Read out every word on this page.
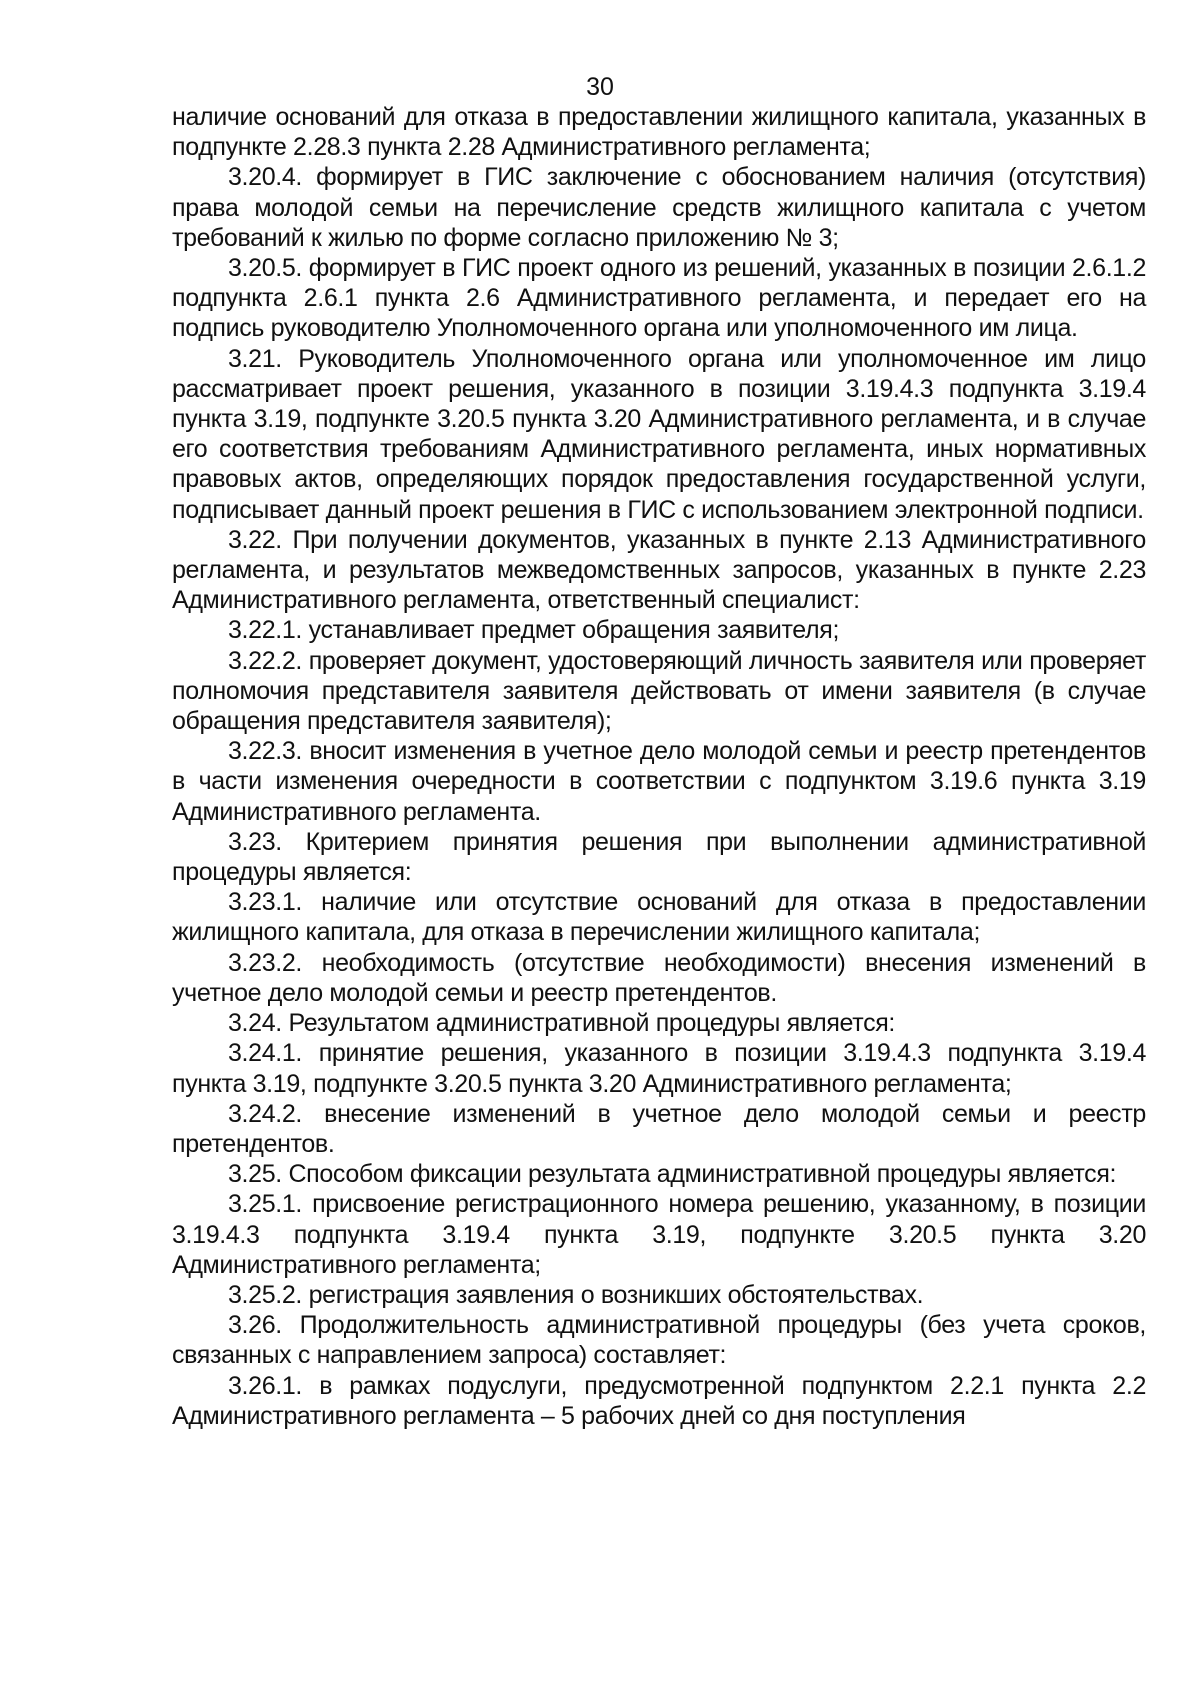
30

наличие оснований для отказа в предоставлении жилищного капитала, указанных в подпункте 2.28.3 пункта 2.28 Административного регламента;

3.20.4. формирует в ГИС заключение с обоснованием наличия (отсутствия) права молодой семьи на перечисление средств жилищного капитала с учетом требований к жилью по форме согласно приложению № 3;

3.20.5. формирует в ГИС проект одного из решений, указанных в позиции 2.6.1.2 подпункта 2.6.1 пункта 2.6 Административного регламента, и передает его на подпись руководителю Уполномоченного органа или уполномоченного им лица.

3.21. Руководитель Уполномоченного органа или уполномоченное им лицо рассматривает проект решения, указанного в позиции 3.19.4.3 подпункта 3.19.4 пункта 3.19, подпункте 3.20.5 пункта 3.20 Административного регламента, и в случае его соответствия требованиям Административного регламента, иных нормативных правовых актов, определяющих порядок предоставления государственной услуги, подписывает данный проект решения в ГИС с использованием электронной подписи.

3.22. При получении документов, указанных в пункте 2.13 Административного регламента, и результатов межведомственных запросов, указанных в пункте 2.23 Административного регламента, ответственный специалист:

3.22.1. устанавливает предмет обращения заявителя;

3.22.2. проверяет документ, удостоверяющий личность заявителя или проверяет полномочия представителя заявителя действовать от имени заявителя (в случае обращения представителя заявителя);

3.22.3. вносит изменения в учетное дело молодой семьи и реестр претендентов в части изменения очередности в соответствии с подпунктом 3.19.6 пункта 3.19 Административного регламента.

3.23. Критерием принятия решения при выполнении административной процедуры является:

3.23.1. наличие или отсутствие оснований для отказа в предоставлении жилищного капитала, для отказа в перечислении жилищного капитала;

3.23.2. необходимость (отсутствие необходимости) внесения изменений в учетное дело молодой семьи и реестр претендентов.

3.24. Результатом административной процедуры является:

3.24.1. принятие решения, указанного в позиции 3.19.4.3 подпункта 3.19.4 пункта 3.19, подпункте 3.20.5 пункта 3.20 Административного регламента;

3.24.2. внесение изменений в учетное дело молодой семьи и реестр претендентов.

3.25. Способом фиксации результата административной процедуры является:

3.25.1. присвоение регистрационного номера решению, указанному, в позиции 3.19.4.3 подпункта 3.19.4 пункта 3.19, подпункте 3.20.5 пункта 3.20 Административного регламента;

3.25.2. регистрация заявления о возникших обстоятельствах.

3.26. Продолжительность административной процедуры (без учета сроков, связанных с направлением запроса) составляет:

3.26.1. в рамках подуслуги, предусмотренной подпунктом 2.2.1 пункта 2.2 Административного регламента – 5 рабочих дней со дня поступления
